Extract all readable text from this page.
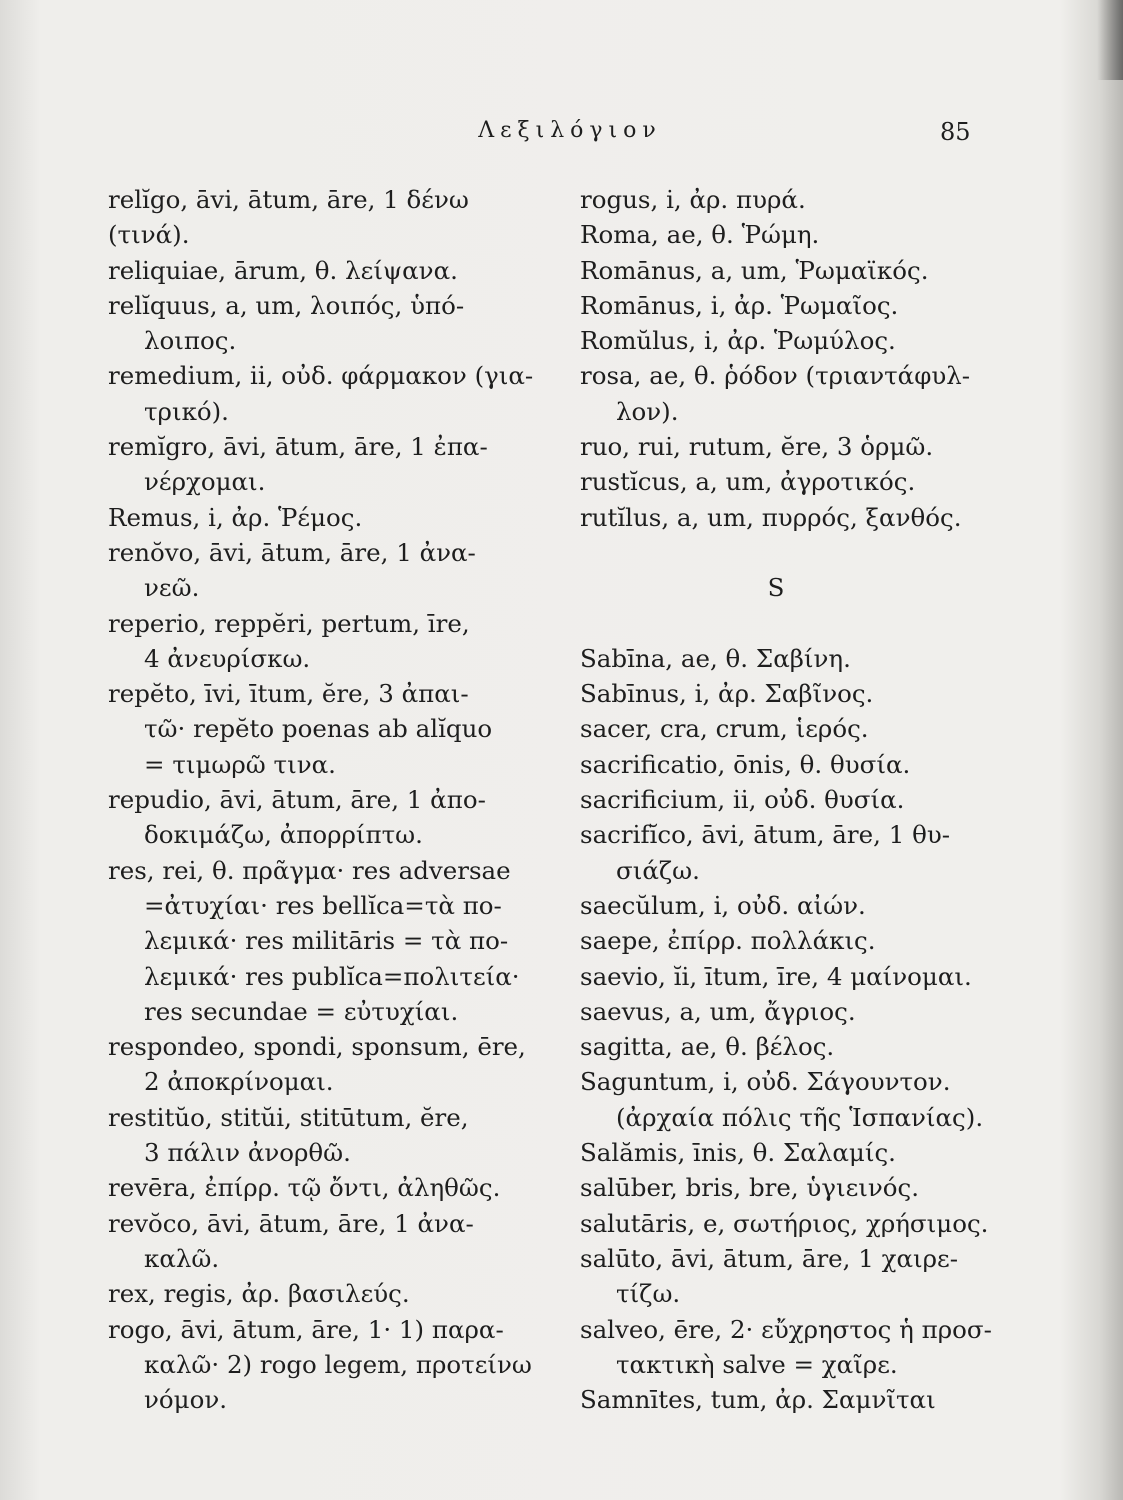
Λεξιλόγιον	85
relĭgo, āvi, ātum, āre, 1 δένω
(τινά).
reliquiae, ārum, θ. λείψανα.
relĭquus, a, um, λοιπός, ὑπό-
λοιπος.
remedium, ii, οὐδ. φάρμακον (για-
τρικό).
remĭgro, āvi, ātum, āre, 1 ἐπα-
νέρχομαι.
Remus, i, ἀρ. Ῥέμος.
renŏvo, āvi, ātum, āre, 1 ἀνα-
νεῶ.
reperio, reppĕri, pertum, īre,
4 ἀνευρίσκω.
repĕto, īvi, ītum, ĕre, 3 ἀπαι-
τῶ· repĕto poenas ab alĭquo
= τιμωρῶ τινα.
repudio, āvi, ātum, āre, 1 ἀπο-
δοκιμάζω, ἀπορρίπτω.
res, rei, θ. πρᾶγμα· res adversae
=ἀτυχίαι· res bellĭca=τὰ πο-
λεμικά· res militāris = τὰ πο-
λεμικά· res publĭca=πολιτεία·
res secundae = εὐτυχίαι.
respondeo, spondi, sponsum, ēre,
2 ἀποκρίνομαι.
restitŭo, stitŭi, stitūtum, ĕre,
3 πάλιν ἀνορθῶ.
revēra, ἐπίρρ. τῷ ὄντι, ἀληθῶς.
revŏco, āvi, ātum, āre, 1 ἀνα-
καλῶ.
rex, regis, ἀρ. βασιλεύς.
rogo, āvi, ātum, āre, 1· 1) παρα-
καλῶ· 2) rogo legem, προτείνω
νόμον.
rogus, i, ἀρ. πυρά.
Roma, ae, θ. Ῥώμη.
Romānus, a, um, Ῥωμαϊκός.
Romānus, i, ἀρ. Ῥωμαῖος.
Romŭlus, i, ἀρ. Ῥωμύλος.
rosa, ae, θ. ῥόδον (τριαντάφυλ-
λον).
ruo, rui, rutum, ĕre, 3 ὁρμῶ.
rustĭcus, a, um, ἀγροτικός.
rutĭlus, a, um, πυρρός, ξανθός.
S
Sabīna, ae, θ. Σαβίνη.
Sabīnus, i, ἀρ. Σαβῖνος.
sacer, cra, crum, ἱερός.
sacrificatio, ōnis, θ. θυσία.
sacrificium, ii, οὐδ. θυσία.
sacrifĭco, āvi, ātum, āre, 1 θυ-
σιάζω.
saecŭlum, i, οὐδ. αἰών.
saepe, ἐπίρρ. πολλάκις.
saevio, ĭi, ītum, īre, 4 μαίνομαι.
saevus, a, um, ἄγριος.
sagitta, ae, θ. βέλος.
Saguntum, i, οὐδ. Σάγουντον.
(ἀρχαία πόλις τῆς Ἱσπανίας).
Salămis, īnis, θ. Σαλαμίς.
salūber, bris, bre, ὑγιεινός.
salutāris, e, σωτήριος, χρήσιμος.
salūto, āvi, ātum, āre, 1 χαιρε-
τίζω.
salveo, ēre, 2· εὔχρηστος ἡ προσ-
τακτικὴ salve = χαῖρε.
Samnītes, tum, ἀρ. Σαμνῖται
